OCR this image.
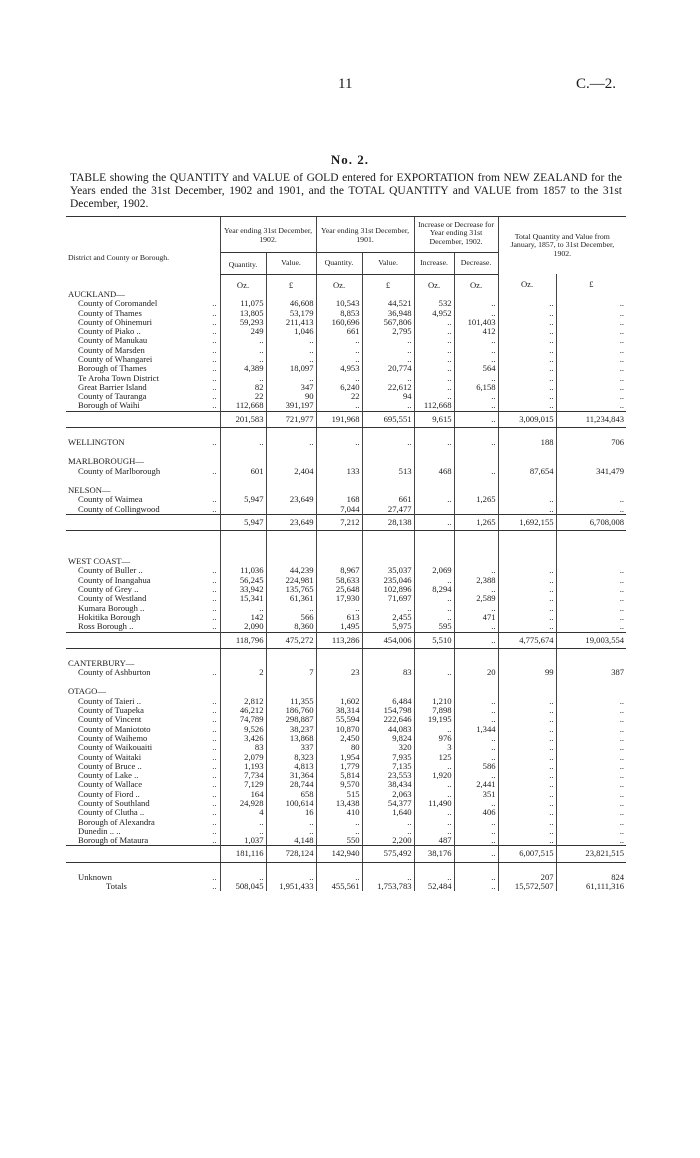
11	C.—2.
No. 2.
TABLE showing the QUANTITY and VALUE of GOLD entered for EXPORTATION from NEW ZEALAND for the Years ended the 31st December, 1902 and 1901, and the TOTAL QUANTITY and VALUE from 1857 to the 31st December, 1902.
District and County or Borough.		Year ending 31st December, 1902.		Year ending 31st December, 1901.		Increase or Decrease for Year ending 31st December, 1902.		Total Quantity and Value from January, 1857, to 31st December, 1902.	
		Quantity.	Value.	Quantity.	Value.	Increase.	Decrease.		
		Oz.	£	Oz.	£	Oz.	Oz.	Oz.	£
AUCKLAND—									
County of Coromandel	..	11,075	46,608	10,543	44,521	532	..	..	..
County of Thames	..	13,805	53,179	8,853	36,948	4,952	..	..	..
County of Ohinemuri	..	59,293	211,413	160,696	567,806	..	101,403	..	..
County of Piako ..	..	249	1,046	661	2,795	..	412	..	..
County of Manukau	..	..	..	..	..	..	..	..	..
County of Marsden	..	..	..	..	..	..	..	..	..
County of Whangarei	..	..	..	..	..	..	..	..	..
Borough of Thames	..	4,389	18,097	4,953	20,774	..	564	..	..
Te Aroha Town District	..	..	..	..	..	..	..	..	..
Great Barrier Island	..	82	347	6,240	22,612	..	6,158	..	..
County of Tauranga	..	22	90	22	94	..	..	..	..
Borough of Waihi	..	112,668	391,197	..	..	112,668	..	..	..
		201,583	721,977	191,968	695,551	9,615	..	3,009,015	11,234,843

WELLINGTON	..	..	..	..	..	..	..	188	706

MARLBOROUGH—									
County of Marlborough	..	601	2,404	133	513	468	..	87,654	341,479

NELSON—									
County of Waimea	..	5,947	23,649	168	661	..	1,265	..	..
County of Collingwood	..			7,044	27,477			..	..
		5,947	23,649	7,212	28,138	..	1,265	1,692,155	6,708,008

WEST COAST—									
County of Buller ..	..	11,036	44,239	8,967	35,037	2,069	..	..	..
County of Inangahua	..	56,245	224,981	58,633	235,046	..	2,388	..	..
County of Grey ..	..	33,942	135,765	25,648	102,896	8,294	..	..	..
County of Westland	..	15,341	61,361	17,930	71,697	..	2,589	..	..
Kumara Borough ..	..	..	..	..	..	..	..	..	..
Hokitika Borough	..	142	566	613	2,455	..	471	..	..
Ross Borough ..	..	2,090	8,360	1,495	5,975	595	..	..	..
		118,796	475,272	113,286	454,006	5,510	..	4,775,674	19,003,554

CANTERBURY—									
County of Ashburton	..	2	7	23	83	..	20	99	387

OTAGO—									
County of Taieri ..	..	2,812	11,355	1,602	6,484	1,210	..	..	..
County of Tuapeka	..	46,212	186,760	38,314	154,798	7,898	..	..	..
County of Vincent	..	74,789	298,887	55,594	222,646	19,195	..	..	..
County of Maniototo	..	9,526	38,237	10,870	44,083	..	1,344	..	..
County of Waihemo	..	3,426	13,868	2,450	9,824	976	..	..	..
County of Waikouaiti	..	83	337	80	320	3	..	..	..
County of Waitaki	..	2,079	8,323	1,954	7,935	125	..	..	..
County of Bruce ..	..	1,193	4,813	1,779	7,135	..	586	..	..
County of Lake ..	..	7,734	31,364	5,814	23,553	1,920	..	..	..
County of Wallace	..	7,129	28,744	9,570	38,434	..	2,441	..	..
County of Fiord ..	..	164	658	515	2,063	..	351	..	..
County of Southland	..	24,928	100,614	13,438	54,377	11,490	..	..	..
County of Clutha ..	..	4	16	410	1,640	..	406	..	..
Borough of Alexandra	..	..	..	..	..	..	..	..	..
Dunedin .. ..	..	..	..	..	..	..	..	..	..
Borough of Mataura	..	1,037	4,148	550	2,200	487	..	..	..
		181,116	728,124	142,940	575,492	38,176	..	6,007,515	23,821,515

Unknown	..	..	..	..	..	..	..	207	824
Totals	..	508,045	1,951,433	455,561	1,753,783	52,484	..	15,572,507	61,111,316
